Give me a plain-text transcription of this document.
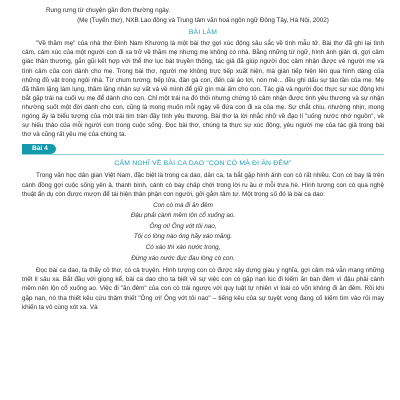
Rung rưng từ chuyện gần đơn thường ngày.
(Mẹ (Tuyển thơ), NXB Lao động và Trung tâm văn hoá ngôn ngữ Đông Tây, Hà Nội, 2002)
BÀI LÀM
"Về thăm mẹ" của nhà thơ Đinh Nam Khương là một bài thơ gợi xúc động sâu sắc về tình mẫu tử. Bài thơ đã ghi lại tình cảm, cảm xúc của một người con đi xa trở về thăm mẹ nhưng mẹ không có nhà. Bằng những từ ngữ, hình ảnh giản dị, gợi cảm giác thân thương, gắn gũi kết hợp với thể thơ lục bát truyền thống, tác giả đã giúp người đọc cảm nhận được vẻ người mẹ và tình cảm của con dành cho mẹ. Trong bài thơ, người mẹ không trực tiếp xuất hiện, mà gián tiếp hiện lên qua hình dáng của những đồ vật trong ngôi nhà. Từ chum tương, bếp lửa, đàn gà con, đến cái áo tơi, nón mê... đều ghi dấu sự tảo tần của mẹ. Mẹ đã thầm lặng làm lụng, thầm lặng nhận sự vất vả về mình để giữ gìn mái ấm cho con. Tác giả và người đọc thực sự xúc động khi bắt gặp trái na cuối vụ mẹ để dành cho con. Chỉ một trái na đó thôi nhưng chứng tỏ cảm nhận được tình yêu thương và sự nhận nhường suốt một đời dành cho con, cũng là mong muốn mỗi ngày về đứa con đi xa của mẹ. Sự chắt chiu, nhường nhịn, mong ngóng ấy là biểu tượng của một trái tim tràn đầy tình yêu thương. Bài thơ là lời nhắc nhở về đạo lí "uống nước nhớ nguồn", về sự hiếu thảo của mỗi người con trong cuộc sống. Đọc bài thơ, chúng ta thực sự xúc động, yêu người mẹ của tác giả trong bài thơ và cũng rất yêu mẹ của chúng ta.
Bài 4
CẢM NGHĨ VỀ BÀI CA DAO "CON CÒ MÀ ĐI ĂN ĐÊM"
Trong văn học dân gian Việt Nam, đặc biệt là trong ca dao, dân ca, ta bắt gặp hình ảnh con cò rất nhiều. Con cò bay lả trên cánh đồng gợi cuộc sống yên ả, thanh bình, cánh cò bay chấp chới trong lời ru ầu ơ mỗi trưa hè. Hình tượng con cò qua nghệ thuật ẩn dụ còn được mượn để tái hiện thân phận con người, gởi gắm tâm tư. Một trong số đó là bài ca dao:
Con cò mà đi ăn đêm
Đậu phải cành mềm lộn cổ xuống ao.
Ông ơi! Ông vớt tôi nao,
Tôi có lòng nào ông hãy xáo măng.
Có xáo thì xáo nước trong,
Đừng xáo nước đục đau lòng cò con.
Đọc bài ca dao, ta thấy cô thơ, có cả truyện. Hình tượng con cò được xây dựng giàu ý nghĩa, gợi cảm mà vẫn mang những triết lí sâu xa. Bắt đầu với giọng kể, bài ca dao cho ta biết về sự việc con cò gặp nạn lúc đi kiếm ăn ban đêm vì đậu phải cành mềm nên lộn cổ xuống ao. Việc đi "ăn đêm" của con cò trái ngược với quy luật tự nhiên vì loài cò vốn không đi ăn đêm. Rồi khi gặp nạn, nó tha thiết kêu cứu thảm thiết "Ông ơi! Ông vớt tôi nao" – tiếng kêu của sự tuyệt vọng đang cố kiếm tìm vào rủi may khiến ta vô cùng xót xa. Và
